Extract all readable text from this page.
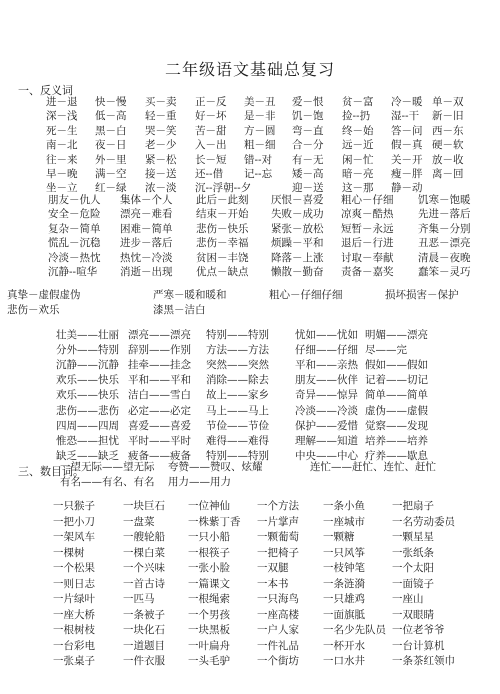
二年级语文基础总复习
一、反义词
进－退 快－慢 买－卖 正－反 美－丑 爱－恨 贫－富 冷－暖 单－双
深－浅 低－高 轻－重 好－坏 是－非 饥－饱 捡--扔 湿--干 新－旧
死－生 黑－白 哭－笑 苦－甜 方－圆 弯－直 终－始 答－问 西－东
南－北 夜－日 老－少 入－出 粗－细 合－分 远－近 假－真 硬－软
往－来 外－里 紧－松 长－短 错--对 有－无 闲－忙 关－开 放－收
早－晚 满－空 接－送 还--借 记--忘 矮－高 暗－亮 瘦－胖 离－回
坐－立 红－绿 浓－淡 沉--浮朝--夕	迎－送 这－那 静－动
朋友－仇人 集体－个人 此后－此刻 厌恨－喜爱 粗心－仔细 饥寒－饱暖
安全－危险 漂亮－难看 结束－开始 失败－成功 凉爽－酷热 先进－落后
复杂－简单 困难－简单 悲伤－快乐 紧张－放松 短暂－永远 齐集－分别
慌乱－沉稳 进步－落后 悲伤－幸福 烦躁－平和 退后－行进 丑恶－漂亮
冷淡－热忱 热忱－冷淡 贫困－丰饶 降落－上涨 讨取－奉献 清晨－夜晚
沉静--喧华 消逝－出现 优点－缺点 懒散－勤奋 责备－嘉奖 蠢笨－灵巧
真挚－虚假虚伪	严寒－暖和暖和	粗心－仔细仔细	损坏损害－保护
悲伤－欢乐	漆黑－洁白
壮美——壮丽 漂亮——漂亮 特别——特别 忧如——忧如 明媚——漂亮
分外——特别 辞别——作别 方法——方法 仔细——仔细 尽——完
沉静——沉静 挂牵——挂念 突然——突然 平和——亲热 假如——假如
欢乐——快乐 平和——平和 消除——除去 朋友——伙伴 记着——切记
欢乐——快乐 洁白——雪白 故上——家乡 奇异——惊异 简单——简单
悲伤——悲伤 必定——必定 马上——马上 冷淡——冷淡 虚伪——虚假
四周——四周 喜爱——喜爱 节俭——节俭 保护——爱惜 觉察——发现
惟恐——担忧 平时——平时 难得——难得 理解——知道 培养——培养
缺乏——缺乏 疲备——疲备 特别——特别 中央——中心 疗养——歇息
一望无际——望无际 夸赞——赞叹、炫耀	连忙——赶忙、连忙、赶忙
有名——有名、有名 用力——用力
三、数目词。
一只猴子	一块巨石 一位神仙	一个方法 一条小鱼	一把扇子
一把小刀	一盘菜	一株紫丁香 一片掌声 一座城市	一名劳动委员
一架风车	一艘轮船 一只小船	一颗葡萄 一颗糖	一颗星星
一棵树	一棵白菜 一根筷子	一把椅子 一只风筝	一张纸条
一个松果	一个兴味 一张小脸	一双腿	一枝钟笔	一个太阳
一则日志	一首古诗 一篇课文	一本书	一条涟漪	一面镜子
一片绿叶	一匹马	一根绳索	一只海鸟 一只雄鸡	一座山
一座大桥	一条被子 一个男孩	一座高楼 一面旗胝	一双眼睛
一根树枝	一块化石 一块黑板	一户人家 一名少先队员 一位老爷爷
一台彩电	一道题目 一叶扁舟	一件礼品 一杯开水	一台计算机
一张桌子	一件衣服 一头毛驴	一个街坊 一口水井	一条茶红领巾
